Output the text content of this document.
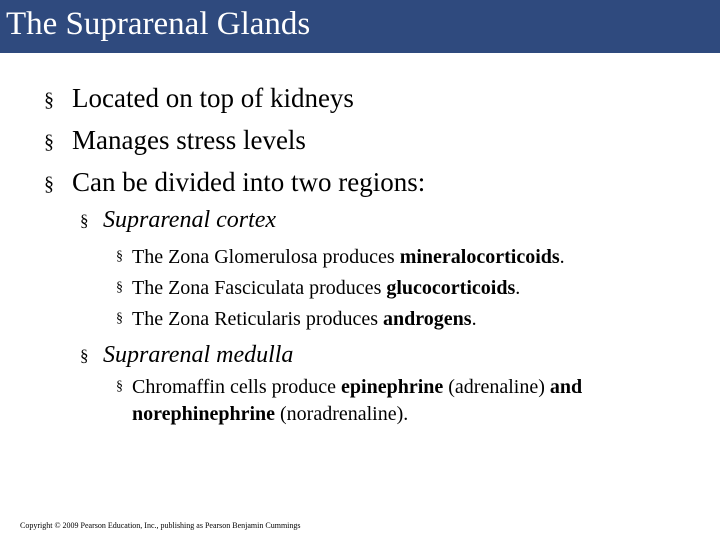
The Suprarenal Glands
§ Located on top of kidneys
§ Manages stress levels
§ Can be divided into two regions:
§ Suprarenal cortex
§ The Zona Glomerulosa produces mineralocorticoids.
§ The Zona Fasciculata produces glucocorticoids.
§ The Zona Reticularis produces androgens.
§ Suprarenal medulla
§ Chromaffin cells produce epinephrine (adrenaline) and
norephinephrine (noradrenaline).
Copyright © 2009 Pearson Education, Inc., publishing as Pearson Benjamin Cummings
